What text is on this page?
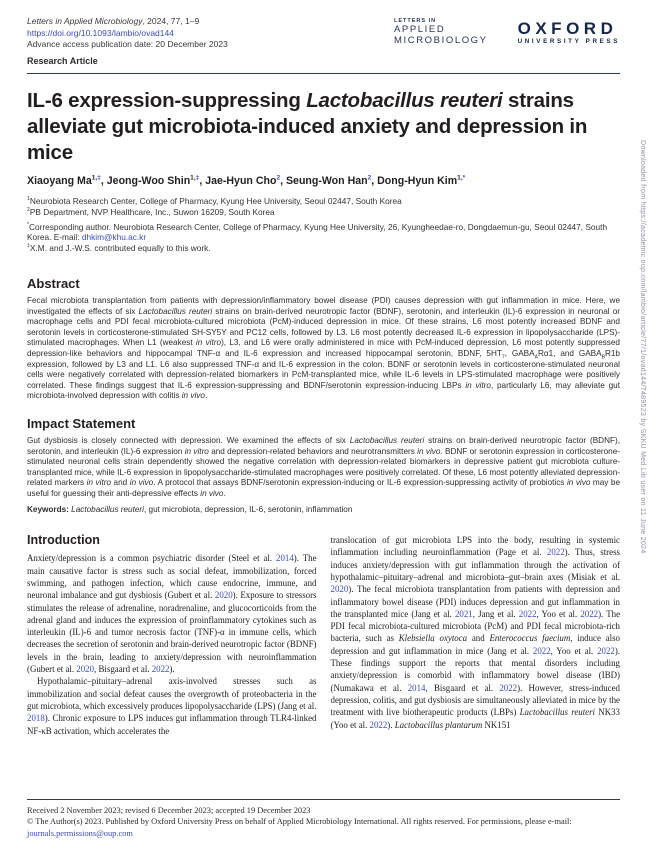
Letters in Applied Microbiology, 2024, 77, 1–9
https://doi.org/10.1093/lambio/ovad144
Advance access publication date: 20 December 2023
Research Article
LETTERS IN
APPLIED
MICROBIOLOGY
OXFORD
UNIVERSITY PRESS
IL-6 expression-suppressing Lactobacillus reuteri strains alleviate gut microbiota-induced anxiety and depression in mice
Xiaoyang $Ma^{1,\ddagger}$, Jeong-Woo Shin$^{1,\ddagger}$, Jae-Hyun Cho$^2$, Seung-Won Han$^2$, Dong-Hyun Kim$^{1,*}$
$^1$Neurobiota Research Center, College of Pharmacy, Kyung Hee University, Seoul 02447, South Korea
$^2$PB Department, NVP Healthcare, Inc., Suwon 16209, South Korea
*Corresponding author. Neurobiota Research Center, College of Pharmacy, Kyung Hee University, 26, Kyungheedae-ro, Dongdaemun-gu, Seoul 02447, South Korea. E-mail: dhkim@khu.ac.kr
‡X.M. and J.-W.S. contributed equally to this work.
Abstract

Fecal microbiota transplantation from patients with depression/inflammatory bowel disease (PDI) causes depression with gut inflammation in mice. Here, we investigated the effects of six Lactobacillus reuteri strains on brain-derived neurotropic factor (BDNF), serotonin, and interleukin (IL)-6 expression in neuronal or macrophage cells and PDI fecal microbiota-cultured microbiota (PcM)-induced depression in mice. Of these strains, L6 most potently increased BDNF and serotonin levels in corticosterone-stimulated SH-SY5Y and PC12 cells, followed by L3. L6 most potently decreased IL-6 expression in lipopolysaccharide (LPS)-stimulated macrophages. When L1 (weakest in vitro), L3, and L6 were orally administered in mice with PcM-induced depression, L6 most potently suppressed depression-like behaviors and hippocampal TNF-α and IL-6 expression and increased hippocampal serotonin, BDNF, $5HT_7$, $GABA_AR\alpha 1$, and $GABA_BR1b$ expression, followed by L3 and L1. L6 also suppressed TNF-α and IL-6 expression in the colon. BDNF or serotonin levels in corticosterone-stimulated neuronal cells were negatively correlated with depression-related biomarkers in PcM-transplanted mice, while IL-6 levels in LPS-stimulated macrophage were positively correlated. These findings suggest that IL-6 expression-suppressing and BDNF/serotonin expression-inducing LBPs in vitro, particularly L6, may alleviate gut microbiota-involved depression with colitis in vivo.

Impact Statement

Gut dysbiosis is closely connected with depression. We examined the effects of six Lactobacillus reuteri strains on brain-derived neurotropic factor (BDNF), serotonin, and interleukin (IL)-6 expression in vitro and depression-related behaviors and neurotransmitters in vivo. BDNF or serotonin expression in corticosterone-stimulated neuronal cells strain dependently showed the negative correlation with depression-related biomarkers in depressive patient gut microbiota culture-transplanted mice, while IL-6 expression in lipopolysaccharide-stimulated macrophages were positively correlated. Of these, L6 most potently alleviated depression-related markers in vitro and in vivo. A protocol that assays BDNF/serotonin expression-inducing or IL-6 expression-suppressing activity of probiotics in vivo may be useful for guessing their anti-depressive effects in vivo.

Keywords: Lactobacillus reuteri, gut microbiota, depression, IL-6, serotonin, inflammation

Introduction

Anxiety/depression is a common psychiatric disorder (Steel et al. 2014). The main causative factor is stress such as social defeat, immobilization, forced swimming, and pathogen infection, which cause endocrine, immune, and neuronal imbalance and gut dysbiosis (Gubert et al. 2020). Exposure to stressors stimulates the release of adrenaline, noradrenaline, and glucocorticoids from the adrenal gland and induces the expression of proinflammatory cytokines such as interleukin (IL)-6 and tumor necrosis factor (TNF)-α in immune cells, which decreases the secretion of serotonin and brain-derived neurotropic factor (BDNF) levels in the brain, leading to anxiety/depression with neuroinflammation (Gubert et al. 2020, Bisgaard et al. 2022).

Hypothalamic–pituitary–adrenal axis-involved stresses such as immobilization and social defeat causes the overgrowth of proteobacteria in the gut microbiota, which excessively produces lipopolysaccharide (LPS) (Jang et al. 2018). Chronic exposure to LPS induces gut inflammation through TLR4-linked NF-κB activation, which accelerates the

translocation of gut microbiota LPS into the body, resulting in systemic inflammation including neuroinflammation (Page et al. 2022). Thus, stress induces anxiety/depression with gut inflammation through the activation of hypothalamic–pituitary–adrenal and microbiota–gut–brain axes (Misiak et al. 2020). The fecal microbiota transplantation from patients with depression and inflammatory bowel disease (PDI) induces depression and gut inflammation in the transplanted mice (Jang et al. 2021, Jang et al. 2022, Yoo et al. 2022). The PDI fecal microbiota-cultured microbiota (PcM) and PDI fecal microbiota-rich bacteria, such as Klebsiella oxytoca and Enterococcus faecium, induce also depression and gut inflammation in mice (Jang et al. 2022, Yoo et al. 2022). These findings support the reports that mental disorders including anxiety/depression is comorbid with inflammatory bowel disease (IBD) (Numakawa et al. 2014, Bisgaard et al. 2022). However, stress-induced depression, colitis, and gut dysbiosis are simultaneously alleviated in mice by the treatment with live biotherapeutic products (LBPs) Lactobacillus reuteri NK33 (Yoo et al. 2022). Lactobacillus plantarum NK151

Received 2 November 2023; revised 6 December 2023; accepted 19 December 2023

© The Author(s) 2023. Published by Oxford University Press on behalf of Applied Microbiology International. All rights reserved. For permissions, please e-mail: journals.permissions@oup.com

Downloaded from https://academic.oup.com/lambio/article/77/1/ovad144/7489523 by SKKU Med Lib user on 11 June 2024
